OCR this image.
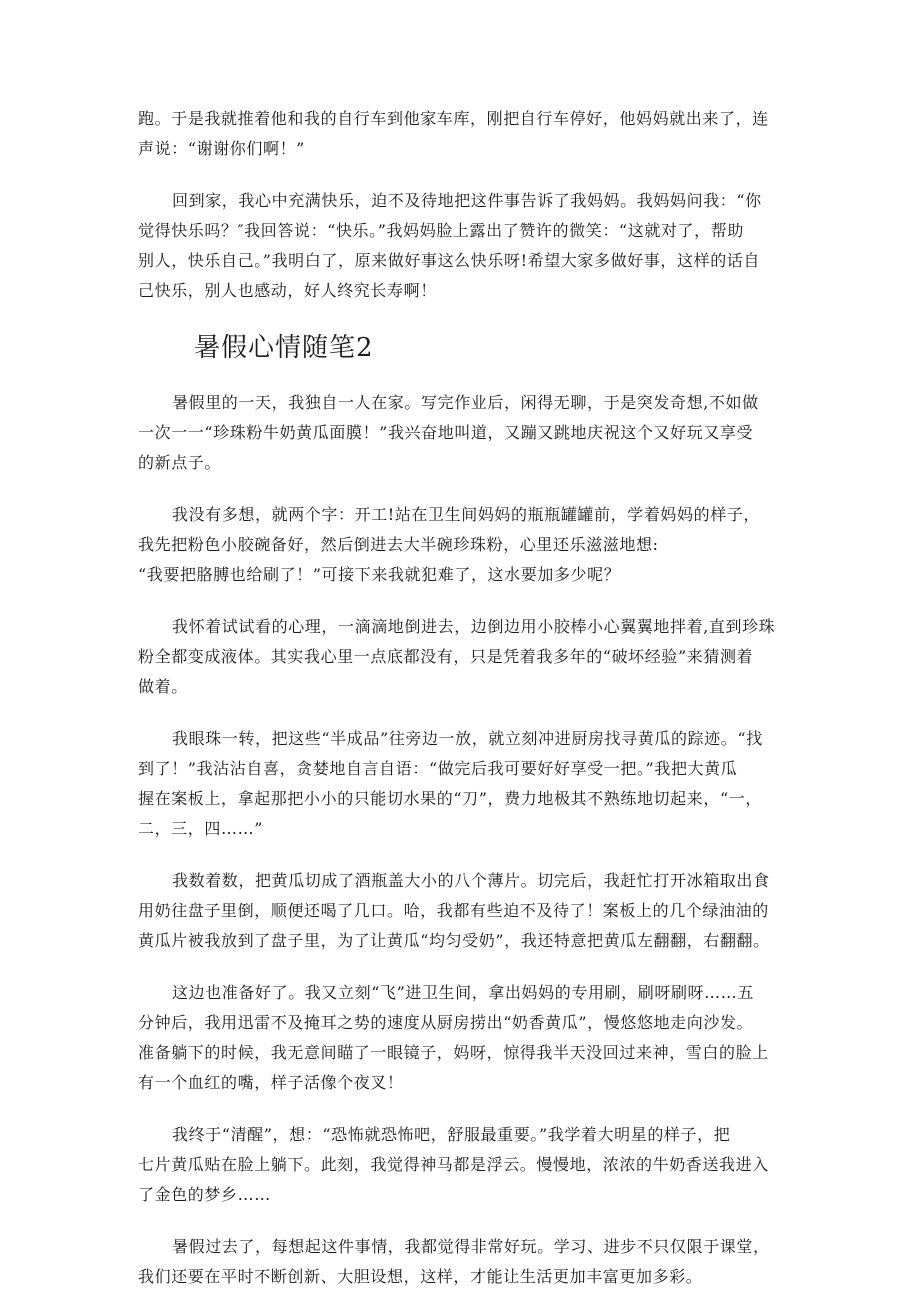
跑。于是我就推着他和我的自行车到他家车库，刚把自行车停好，他妈妈就出来了，连
声说：“谢谢你们啊！”

回到家，我心中充满快乐，迫不及待地把这件事告诉了我妈妈。我妈妈问我：“你
觉得快乐吗？″我回答说：“快乐。”我妈妈脸上露出了赞许的微笑：“这就对了，帮助
别人，快乐自己。”我明白了，原来做好事这么快乐呀!希望大家多做好事，这样的话自
己快乐，别人也感动，好人终究长寿啊！

暑假心情随笔2

暑假里的一天，我独自一人在家。写完作业后，闲得无聊，于是突发奇想,不如做
一次一一“珍珠粉牛奶黄瓜面膜！”我兴奋地叫道，又蹦又跳地庆祝这个又好玩又享受
的新点子。

我没有多想，就两个字：开工!站在卫生间妈妈的瓶瓶罐罐前，学着妈妈的样子，
我先把粉色小胶碗备好，然后倒进去大半碗珍珠粉，心里还乐滋滋地想:
“我要把胳膊也给刷了！”可接下来我就犯难了，这水要加多少呢？

我怀着试试看的心理，一滴滴地倒进去，边倒边用小胶棒小心翼翼地拌着,直到珍珠
粉全都变成液体。其实我心里一点底都没有，只是凭着我多年的“破坏经验”来猜测着
做着。

我眼珠一转，把这些“半成品”往旁边一放，就立刻冲进厨房找寻黄瓜的踪迹。“找
到了！”我沾沾自喜，贪婪地自言自语：“做完后我可要好好享受一把。”我把大黄瓜
握在案板上，拿起那把小小的只能切水果的“刀”，费力地极其不熟练地切起来，“一，
二，三，四……”

我数着数，把黄瓜切成了酒瓶盖大小的八个薄片。切完后，我赶忙打开冰箱取出食
用奶往盘子里倒，顺便还喝了几口。哈，我都有些迫不及待了！案板上的几个绿油油的
黄瓜片被我放到了盘子里，为了让黄瓜“均匀受奶”，我还特意把黄瓜左翻翻，右翻翻。

这边也准备好了。我又立刻“飞”进卫生间，拿出妈妈的专用刷，刷呀刷呀……五
分钟后，我用迅雷不及掩耳之势的速度从厨房捞出“奶香黄瓜”，慢悠悠地走向沙发。
准备躺下的时候，我无意间瞄了一眼镜子，妈呀，惊得我半天没回过来神，雪白的脸上
有一个血红的嘴，样子活像个夜叉！

我终于“清醒”，想：“恐怖就恐怖吧，舒服最重要。”我学着大明星的样子，把
七片黄瓜贴在脸上躺下。此刻，我觉得神马都是浮云。慢慢地，浓浓的牛奶香送我进入
了金色的梦乡……

暑假过去了，每想起这件事情，我都觉得非常好玩。学习、进步不只仅限于课堂，
我们还要在平时不断创新、大胆设想，这样，才能让生活更加丰富更加多彩。
